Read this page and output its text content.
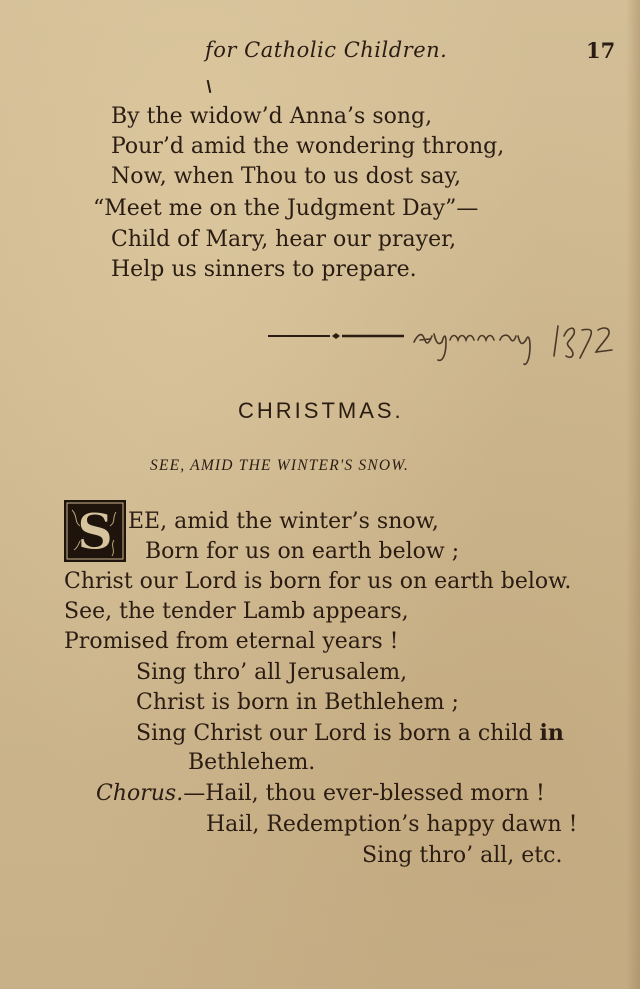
for Catholic Children.	17
By the widow’d Anna’s song,
Pour’d amid the wondering throng,
Now, when Thou to us dost say,
“Meet me on the Judgment Day”—
Child of Mary, hear our prayer,
Help us sinners to prepare.
CHRISTMAS.
SEE, AMID THE WINTER'S SNOW.
S EE, amid the winter’s snow,
Born for us on earth below ;
Christ our Lord is born for us on earth below.
See, the tender Lamb appears,
Promised from eternal years !
Sing thro’ all Jerusalem,
Christ is born in Bethlehem ;
Sing Christ our Lord is born a child in
Bethlehem.
Chorus.—Hail, thou ever-blessed morn !
Hail, Redemption’s happy dawn !
Sing thro’ all, etc.
